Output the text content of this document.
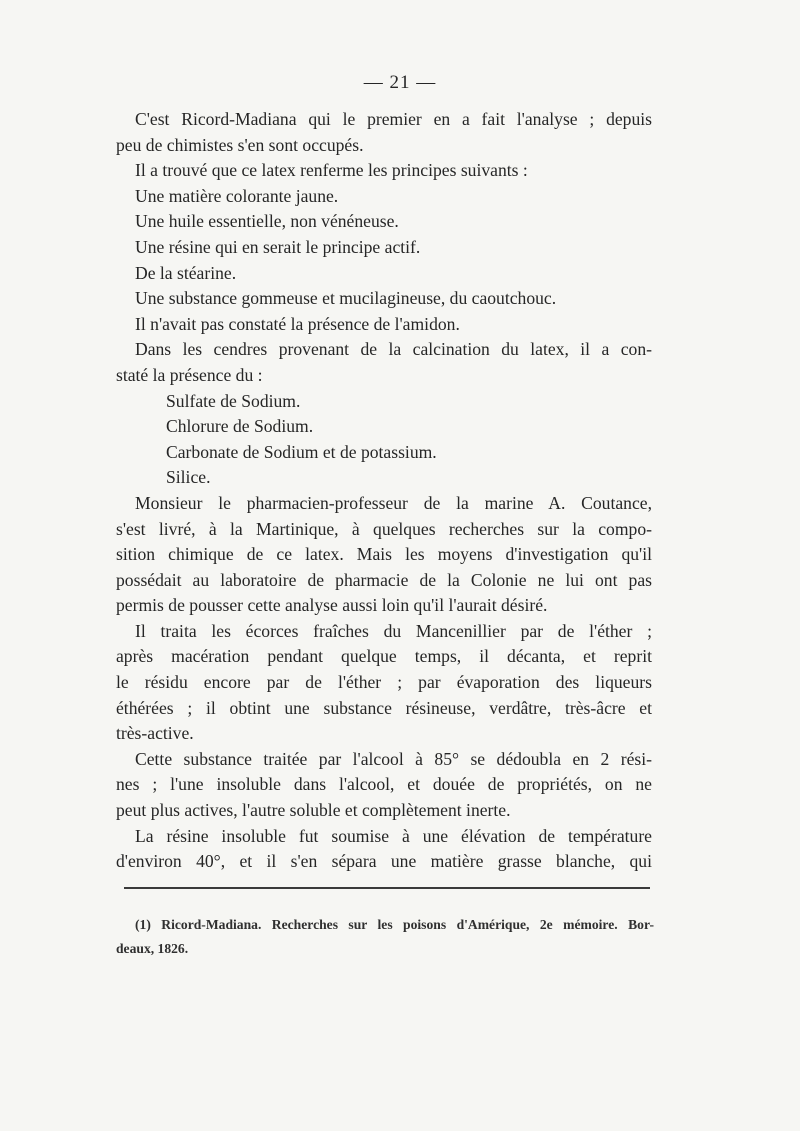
— 21 —
C'est Ricord-Madiana qui le premier en a fait l'analyse ; depuis
peu de chimistes s'en sont occupés.
Il a trouvé que ce latex renferme les principes suivants :
Une matière colorante jaune.
Une huile essentielle, non vénéneuse.
Une résine qui en serait le principe actif.
De la stéarine.
Une substance gommeuse et mucilagineuse, du caoutchouc.
Il n'avait pas constaté la présence de l'amidon.
Dans les cendres provenant de la calcination du latex, il a con-
staté la présence du :
Sulfate de Sodium.
Chlorure de Sodium.
Carbonate de Sodium et de potassium.
Silice.
Monsieur le pharmacien-professeur de la marine A. Coutance,
s'est livré, à la Martinique, à quelques recherches sur la compo-
sition chimique de ce latex. Mais les moyens d'investigation qu'il
possédait au laboratoire de pharmacie de la Colonie ne lui ont pas
permis de pousser cette analyse aussi loin qu'il l'aurait désiré.
Il traita les écorces fraîches du Mancenillier par de l'éther ;
après macération pendant quelque temps, il décanta, et reprit
le résidu encore par de l'éther ; par évaporation des liqueurs
éthérées ; il obtint une substance résineuse, verdâtre, très-âcre et
très-active.
Cette substance traitée par l'alcool à 85° se dédoubla en 2 rési-
nes ; l'une insoluble dans l'alcool, et douée de propriétés, on ne
peut plus actives, l'autre soluble et complètement inerte.
La résine insoluble fut soumise à une élévation de température
d'environ 40°, et il s'en sépara une matière grasse blanche, qui
(1) Ricord-Madiana. Recherches sur les poisons d'Amérique, 2e mémoire. Bor-
deaux, 1826.
